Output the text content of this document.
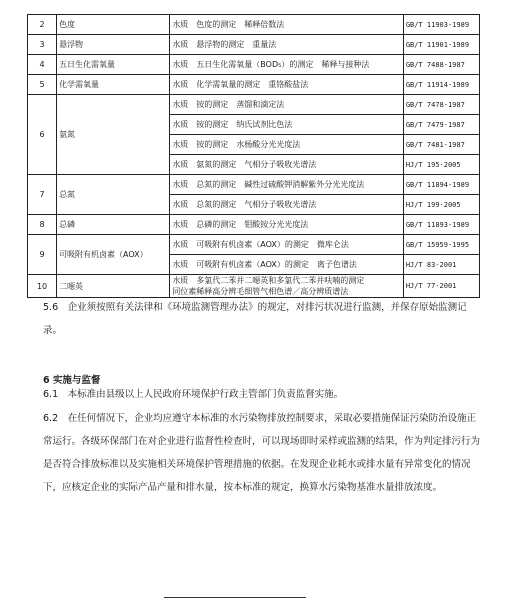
2	色度	水质　色度的测定　稀释倍数法	GB/T 11903-1989
3	悬浮物	水质　悬浮物的测定　重量法	GB/T 11901-1989
4	五日生化需氧量	水质　五日生化需氧量（BOD₅）的测定　稀释与接种法	GB/T 7488-1987
5	化学需氧量	水质　化学需氧量的测定　重铬酸盐法	GB/T 11914-1989
6	氨氮	水质　铵的测定　蒸馏和滴定法	GB/T 7478-1987
		水质　铵的测定　纳氏试剂比色法	GB/T 7479-1987
		水质　铵的测定　水杨酸分光光度法	GB/T 7481-1987
		水质　氨氮的测定　气相分子吸收光谱法	HJ/T 195-2005
7	总氮	水质　总氮的测定　碱性过硫酸钾消解紫外分光光度法	GB/T 11894-1989
		水质　总氮的测定　气相分子吸收光谱法	HJ/T 199-2005
8	总磷	水质　总磷的测定　钼酸铵分光光度法	GB/T 11893-1989
9	可吸附有机卤素（AOX）	水质　可吸附有机卤素（AOX）的测定　微库仑法	GB/T 15959-1995
		水质　可吸附有机卤素（AOX）的测定　离子色谱法	HJ/T 83-2001
10	二噁英	水质　多氯代二苯并二噁英和多氯代二苯并呋喃的测定
同位素稀释高分辨毛细管气相色谱／高分辨质谱法	HJ/T 77-2001

5.6　企业须按照有关法律和《环境监测管理办法》的规定，对排污状况进行监测，并保存原始监测记录。

6 实施与监督

6.1　本标准由县级以上人民政府环境保护行政主管部门负责监督实施。

6.2　在任何情况下，企业均应遵守本标准的水污染物排放控制要求，采取必要措施保证污染防治设施正常运行。各级环保部门在对企业进行监督性检查时，可以现场即时采样或监测的结果，作为判定排污行为是否符合排放标准以及实施相关环境保护管理措施的依据。在发现企业耗水或排水量有异常变化的情况下，应核定企业的实际产品产量和排水量，按本标准的规定，换算水污染物基准水量排放浓度。
